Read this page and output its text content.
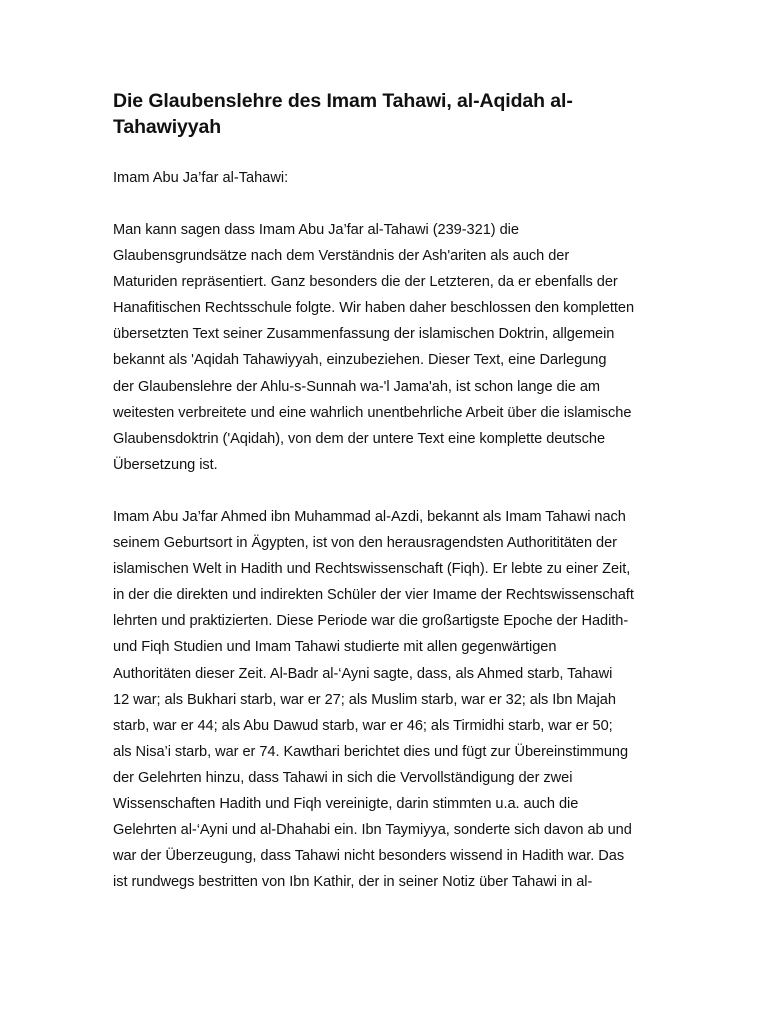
Die Glaubenslehre des Imam Tahawi, al-Aqidah al-
Tahawiyyah

Imam Abu Ja’far al-Tahawi:

Man kann sagen dass Imam Abu Ja’far al-Tahawi (239-321) die
Glaubensgrundsätze nach dem Verständnis der Ash'ariten als auch der
Maturiden repräsentiert. Ganz besonders die der Letzteren, da er ebenfalls der
Hanafitischen Rechtsschule folgte. Wir haben daher beschlossen den kompletten
übersetzten Text seiner Zusammenfassung der islamischen Doktrin, allgemein
bekannt als 'Aqidah Tahawiyyah, einzubeziehen. Dieser Text, eine Darlegung
der Glaubenslehre der Ahlu-s-Sunnah wa-'l Jama'ah, ist schon lange die am
weitesten verbreitete und eine wahrlich unentbehrliche Arbeit über die islamische
Glaubensdoktrin ('Aqidah), von dem der untere Text eine komplette deutsche
Übersetzung ist.

Imam Abu Ja’far Ahmed ibn Muhammad al-Azdi, bekannt als Imam Tahawi nach
seinem Geburtsort in Ägypten, ist von den herausragendsten Authoritіtäten der
islamischen Welt in Hadith und Rechtswissenschaft (Fiqh). Er lebte zu einer Zeit,
in der die direkten und indirekten Schüler der vier Imame der Rechtswissenschaft
lehrten und praktizierten. Diese Periode war die großartigste Epoche der Hadith-
und Fiqh Studien und Imam Tahawi studierte mit allen gegenwärtigen
Authoritäten dieser Zeit. Al-Badr al-‘Ayni sagte, dass, als Ahmed starb, Tahawi
12 war; als Bukhari starb, war er 27; als Muslim starb, war er 32; als Ibn Majah
starb, war er 44; als Abu Dawud starb, war er 46; als Tirmidhi starb, war er 50;
als Nisa’i starb, war er 74. Kawthari berichtet dies und fügt zur Übereinstimmung
der Gelehrten hinzu, dass Tahawi in sich die Vervollständigung der zwei
Wissenschaften Hadith und Fiqh vereinigte, darin stimmten u.a. auch die
Gelehrten al-‘Ayni und al-Dhahabi ein. Ibn Taymiyya, sonderte sich davon ab und
war der Überzeugung, dass Tahawi nicht besonders wissend in Hadith war. Das
ist rundwegs bestritten von Ibn Kathir, der in seiner Notiz über Tahawi in al-
